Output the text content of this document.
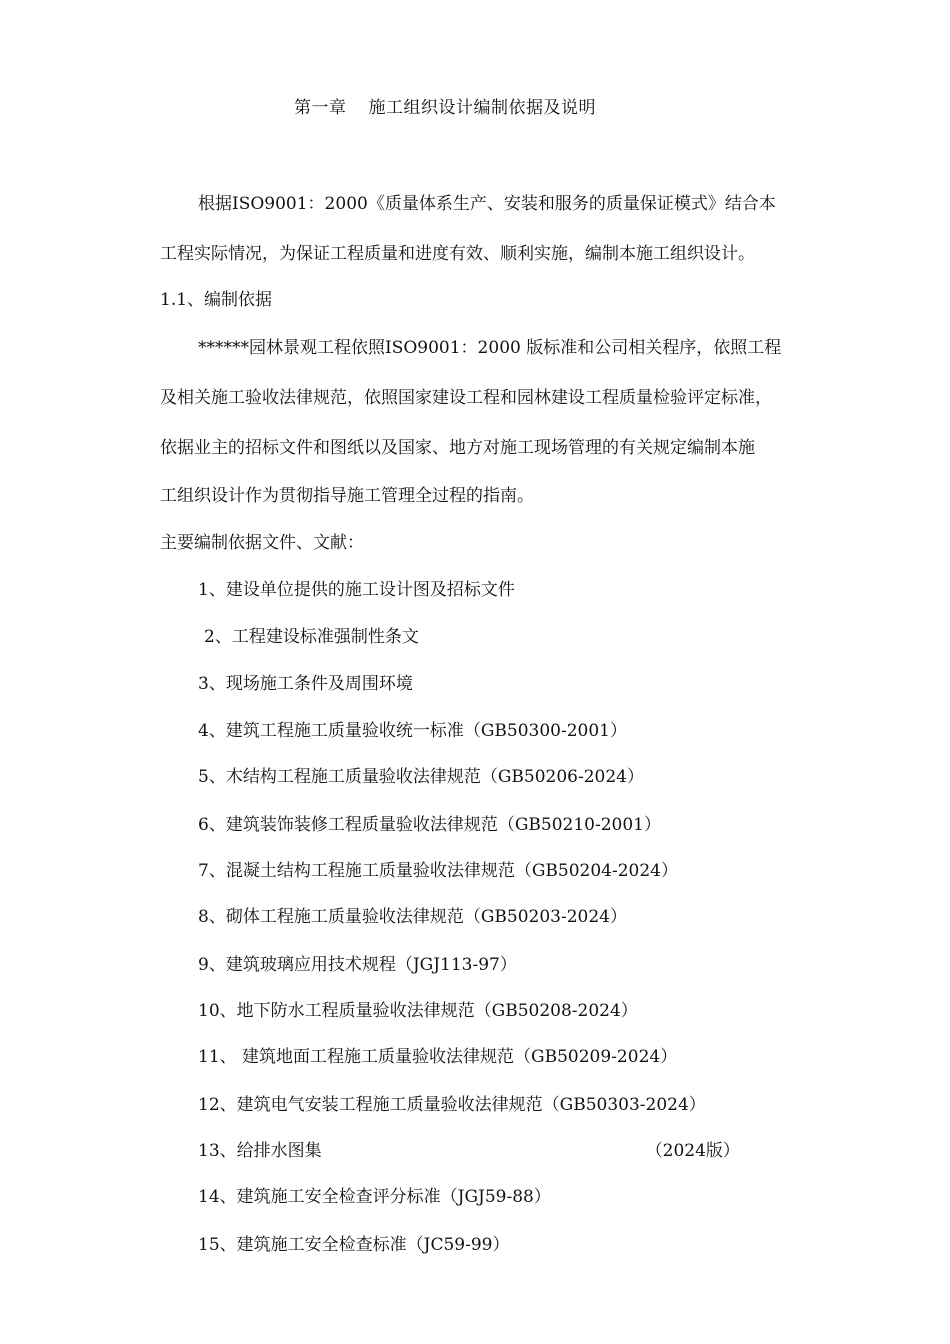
第一章 施工组织设计编制依据及说明
根据ISO9001：2000《质量体系生产、安装和服务的质量保证模式》结合本
工程实际情况，为保证工程质量和进度有效、顺利实施，编制本施工组织设计。
1.1、编制依据
******园林景观工程依照ISO9001：2000 版标准和公司相关程序，依照工程
及相关施工验收法律规范，依照国家建设工程和园林建设工程质量检验评定标准，
依据业主的招标文件和图纸以及国家、地方对施工现场管理的有关规定编制本施
工组织设计作为贯彻指导施工管理全过程的指南。
主要编制依据文件、文献：
1、建设单位提供的施工设计图及招标文件
2、工程建设标准强制性条文
3、现场施工条件及周围环境
4、建筑工程施工质量验收统一标准（GB50300-2001）
5、木结构工程施工质量验收法律规范（GB50206-2024）
6、建筑装饰装修工程质量验收法律规范（GB50210-2001）
7、混凝土结构工程施工质量验收法律规范（GB50204-2024）
8、砌体工程施工质量验收法律规范（GB50203-2024）
9、建筑玻璃应用技术规程（JGJ113-97）
10、地下防水工程质量验收法律规范（GB50208-2024）
11、 建筑地面工程施工质量验收法律规范（GB50209-2024）
12、建筑电气安装工程施工质量验收法律规范（GB50303-2024）
13、给排水图集	（2024版）
14、建筑施工安全检查评分标准（JGJ59-88）
15、建筑施工安全检查标准（JC59-99）
